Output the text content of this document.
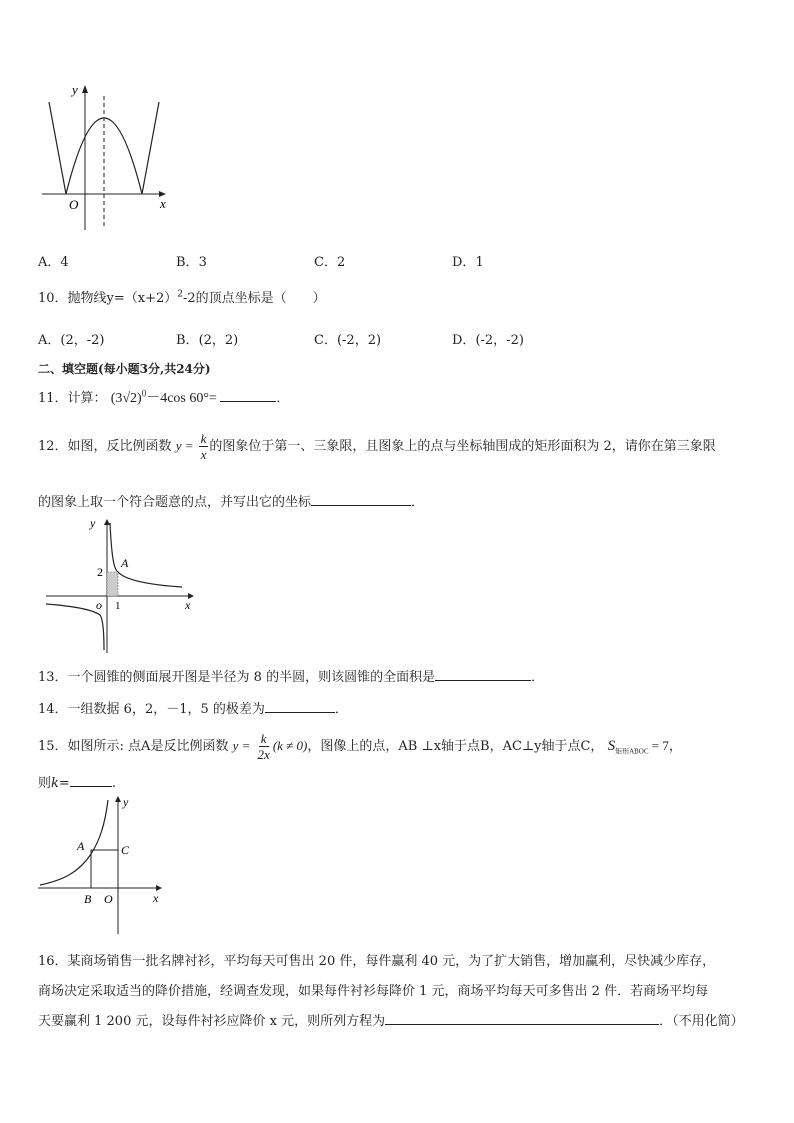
y
x
O
A．4	B．3	C．2	D．1
10．抛物线$y=(x+2)^2-2$的顶点坐标是（　　）
A．(2，-2)	B．(2，2)	C．(-2，2)	D．(-2，-2)
二、填空题(每小题3分,共24分)
11．计算： $(3√2)^0-4\cos$ 60°=	．
12．如图，反比例函数 $y = \frac{k}{x}$ 的图象位于第一、三象限，且图象上的点与坐标轴围成的矩形面积为 2，请你在第三象限
的图象上取一个符合题意的点，并写出它的坐标	．
y
x
o
2
1
A
13．一个圆锥的侧面展开图是半径为 8 的半圆，则该圆锥的全面积是	．
14．一组数据 6，2，－1，5 的极差为	．
15．如图所示: 点A是反比例函数 $y = \frac{k}{2x} (k \ne 0)$，图像上的点，AB ⊥x轴于点B，AC⊥y轴于点C， $S_{矩形ABOC} = 7$，
则k=	.
y
x
O
A
B
C
16．某商场销售一批名牌衬衫，平均每天可售出 20 件，每件赢利 40 元，为了扩大销售，增加赢利，尽快减少库存，
商场决定采取适当的降价措施，经调查发现，如果每件衬衫每降价 1 元，商场平均每天可多售出 2 件．若商场平均每
天要赢利 1 200 元，设每件衬衫应降价 x 元，则所列方程为	．（不用化简）
